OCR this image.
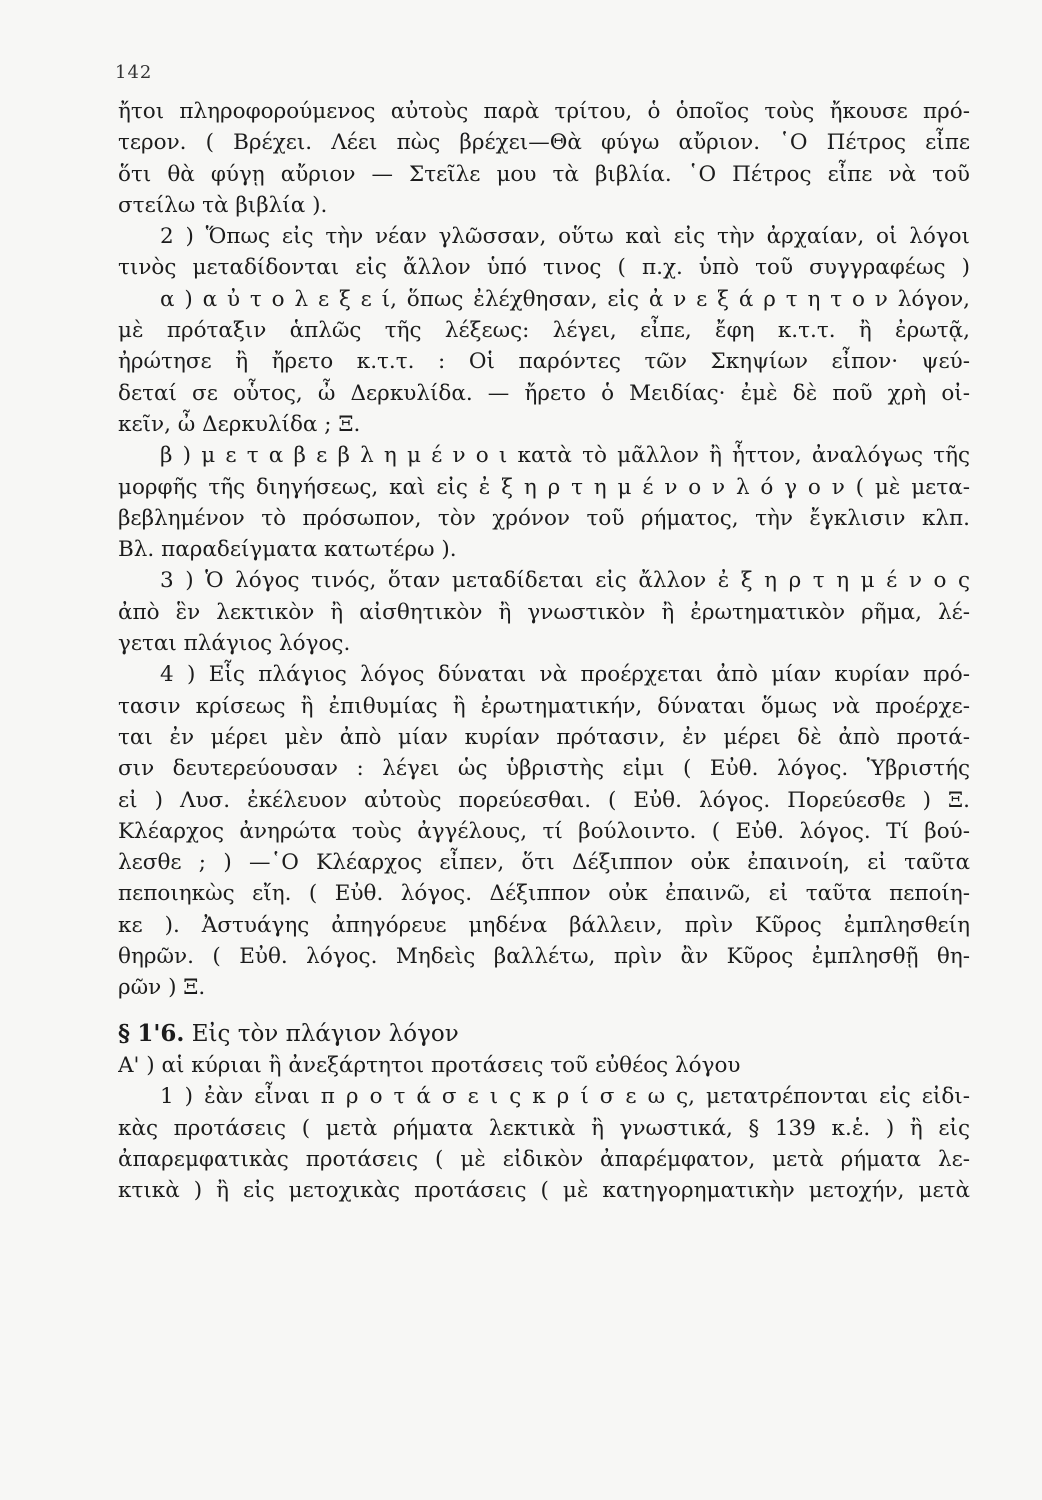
142
ἤτοι πληροφορούμενος αὐτοὺς παρὰ τρίτου, ὁ ὁποῖος τοὺς ἤκουσε πρό-
τερον. ( Βρέχει. Λέει πὼς βρέχει—Θὰ φύγω αὔριον. ῾Ο Πέτρος εἶπε
ὅτι θὰ φύγῃ αὔριον — Στεῖλε μου τὰ βιβλία. ῾Ο Πέτρος εἶπε νὰ τοῦ
στείλω τὰ βιβλία ).
2 ) Ὅπως εἰς τὴν νέαν γλῶσσαν, οὕτω καὶ εἰς τὴν ἀρχαίαν, οἱ λόγοι
τινὸς μεταδίδονται εἰς ἄλλον ὑπό τινος ( π.χ. ὑπὸ τοῦ συγγραφέως )
α ) α ὐ τ ο λ ε ξ ε ί, ὅπως ἐλέχθησαν, εἰς ἀ ν ε ξ ά ρ τ η τ ο ν λόγον,
μὲ πρόταξιν ἁπλῶς τῆς λέξεως: λέγει, εἶπε, ἔφη κ.τ.τ. ἢ ἐρωτᾷ,
ἠρώτησε ἢ ἤρετο κ.τ.τ. : Οἱ παρόντες τῶν Σκηψίων εἶπον· ψεύ-
δεταί σε οὗτος, ὦ Δερκυλίδα. — ἤρετο ὁ Μειδίας· ἐμὲ δὲ ποῦ χρὴ οἰ-
κεῖν, ὦ Δερκυλίδα ; Ξ.
β ) μ ε τ α β ε β λ η μ έ ν ο ι κατὰ τὸ μᾶλλον ἢ ἧττον, ἀναλόγως τῆς
μορφῆς τῆς διηγήσεως, καὶ εἰς ἐ ξ η ρ τ η μ έ ν ο ν λ ό γ ο ν ( μὲ μετα-
βεβλημένον τὸ πρόσωπον, τὸν χρόνον τοῦ ρήματος, τὴν ἔγκλισιν κλπ.
Βλ. παραδείγματα κατωτέρω ).
3 ) Ὁ λόγος τινός, ὅταν μεταδίδεται εἰς ἄλλον ἐ ξ η ρ τ η μ έ ν ο ς
ἀπὸ ἓν λεκτικὸν ἢ αἰσθητικὸν ἢ γνωστικὸν ἢ ἐρωτηματικὸν ρῆμα, λέ-
γεται πλάγιος λόγος.
4 ) Εἷς πλάγιος λόγος δύναται νὰ προέρχεται ἀπὸ μίαν κυρίαν πρό-
τασιν κρίσεως ἢ ἐπιθυμίας ἢ ἐρωτηματικήν, δύναται ὅμως νὰ προέρχε-
ται ἐν μέρει μὲν ἀπὸ μίαν κυρίαν πρότασιν, ἐν μέρει δὲ ἀπὸ προτά-
σιν δευτερεύουσαν : λέγει ὡς ὑβριστὴς εἰμι ( Εὐθ. λόγος. Ὑβριστής
εἰ ) Λυσ. ἐκέλευον αὐτοὺς πορεύεσθαι. ( Εὐθ. λόγος. Πορεύεσθε ) Ξ.
Κλέαρχος ἀνηρώτα τοὺς ἀγγέλους, τί βούλοιντο. ( Εὐθ. λόγος. Τί βού-
λεσθε ; ) —῾Ο Κλέαρχος εἶπεν, ὅτι Δέξιππον οὐκ ἐπαινοίη, εἰ ταῦτα
πεποιηκὼς εἴη. ( Εὐθ. λόγος. Δέξιππον οὐκ ἐπαινῶ, εἰ ταῦτα πεποίη-
κε ). Ἀστυάγης ἀπηγόρευε μηδένα βάλλειν, πρὶν Κῦρος ἐμπλησθείη
θηρῶν. ( Εὐθ. λόγος. Μηδεὶς βαλλέτω, πρὶν ἂν Κῦρος ἐμπλησθῇ θη-
ρῶν ) Ξ.

§ 1'6. Εἰς τὸν πλάγιον λόγον

Α' ) αἱ κύριαι ἢ ἀνεξάρτητοι προτάσεις τοῦ εὐθέος λόγου
1 ) ἐὰν εἶναι π ρ ο τ ά σ ε ι ς κ ρ ί σ ε ω ς, μετατρέπονται εἰς εἰδι-
κὰς προτάσεις ( μετὰ ρήματα λεκτικὰ ἢ γνωστικά, § 139 κ.ἑ. ) ἢ εἰς
ἀπαρεμφατικὰς προτάσεις ( μὲ εἰδικὸν ἀπαρέμφατον, μετὰ ρήματα λε-
κτικὰ ) ἢ εἰς μετοχικὰς προτάσεις ( μὲ κατηγορηματικὴν μετοχήν, μετὰ
